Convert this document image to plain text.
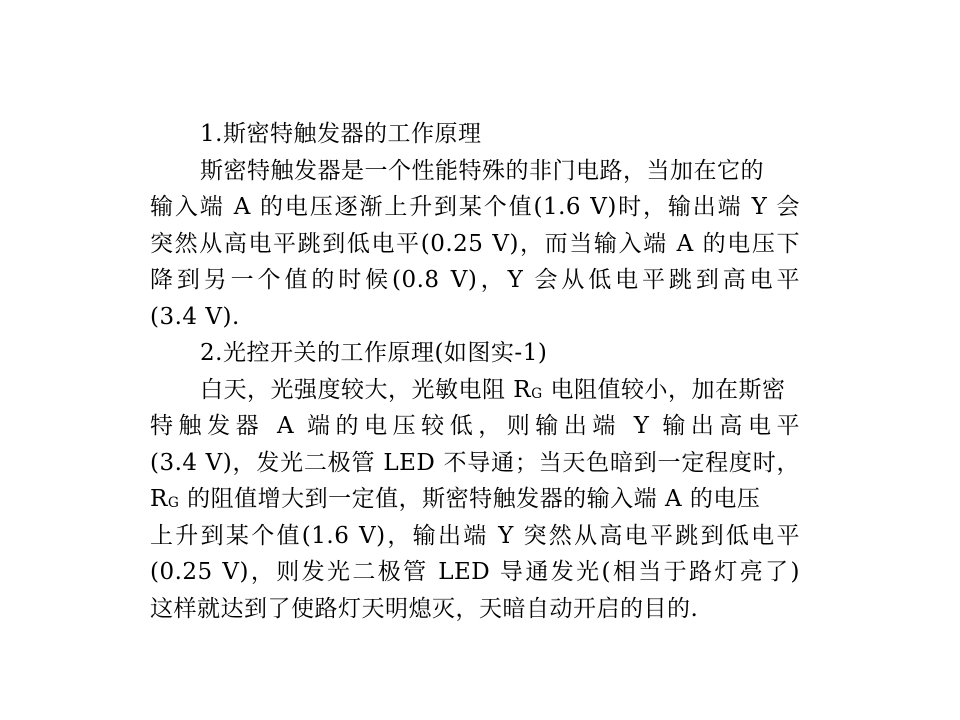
1.斯密特触发器的工作原理
斯密特触发器是一个性能特殊的非门电路，当加在它的
输入端 A 的电压逐渐上升到某个值(1.6 V)时，输出端 Y 会
突然从高电平跳到低电平(0.25 V)，而当输入端 A 的电压下
降到另一个值的时候(0.8 V)，Y 会从低电平跳到高电平
(3.4 V).
2.光控开关的工作原理(如图实-1)
白天，光强度较大，光敏电阻 $R_G$ 电阻值较小，加在斯密
特触发器 A 端的电压较低，则输出端 Y 输出高电平
(3.4 V)，发光二极管 LED 不导通；当天色暗到一定程度时，
$R_G$ 的阻值增大到一定值，斯密特触发器的输入端 A 的电压
上升到某个值(1.6 V)，输出端 Y 突然从高电平跳到低电平
(0.25 V)，则发光二极管 LED 导通发光(相当于路灯亮了)
这样就达到了使路灯天明熄灭，天暗自动开启的目的.
